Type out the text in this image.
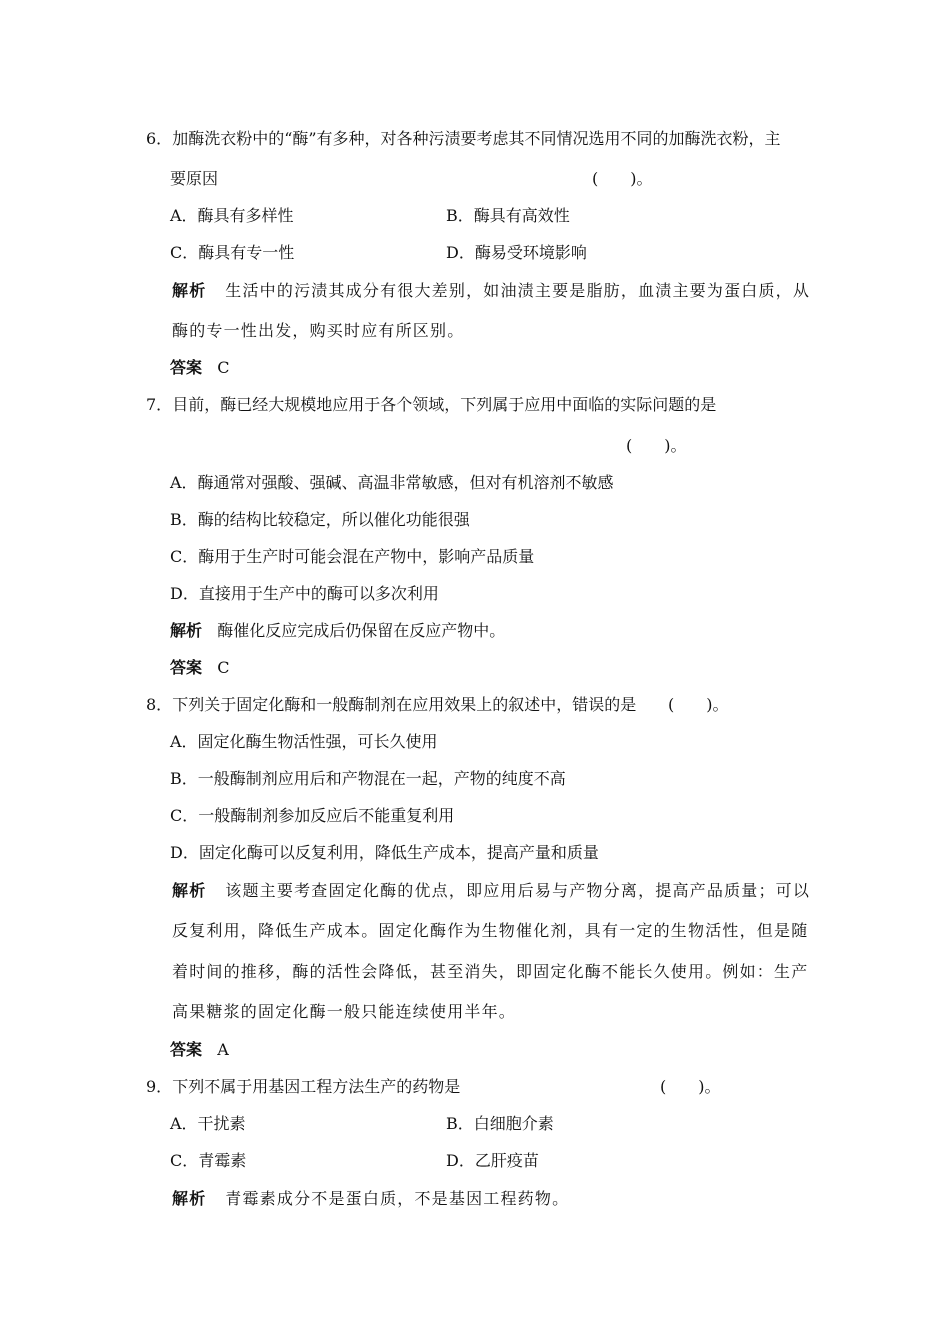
6．加酶洗衣粉中的“酶”有多种，对各种污渍要考虑其不同情况选用不同的加酶洗衣粉，主
要原因	(　　)。
A．酶具有多样性	B．酶具有高效性
C．酶具有专一性	D．酶易受环境影响
解析 生活中的污渍其成分有很大差别，如油渍主要是脂肪，血渍主要为蛋白质，从
酶的专一性出发，购买时应有所区别。
答案 C
7．目前，酶已经大规模地应用于各个领域，下列属于应用中面临的实际问题的是
(　　)。
A．酶通常对强酸、强碱、高温非常敏感，但对有机溶剂不敏感
B．酶的结构比较稳定，所以催化功能很强
C．酶用于生产时可能会混在产物中，影响产品质量
D．直接用于生产中的酶可以多次利用
解析 酶催化反应完成后仍保留在反应产物中。
答案 C
8．下列关于固定化酶和一般酶制剂在应用效果上的叙述中，错误的是 (　　)。
A．固定化酶生物活性强，可长久使用
B．一般酶制剂应用后和产物混在一起，产物的纯度不高
C．一般酶制剂参加反应后不能重复利用
D．固定化酶可以反复利用，降低生产成本，提高产量和质量
解析 该题主要考查固定化酶的优点，即应用后易与产物分离，提高产品质量；可以
反复利用，降低生产成本。固定化酶作为生物催化剂，具有一定的生物活性，但是随
着时间的推移，酶的活性会降低，甚至消失，即固定化酶不能长久使用。例如：生产
高果糖浆的固定化酶一般只能连续使用半年。
答案 A
9．下列不属于用基因工程方法生产的药物是	(　　)。
A．干扰素	B．白细胞介素
C．青霉素	D．乙肝疫苗
解析 青霉素成分不是蛋白质，不是基因工程药物。
